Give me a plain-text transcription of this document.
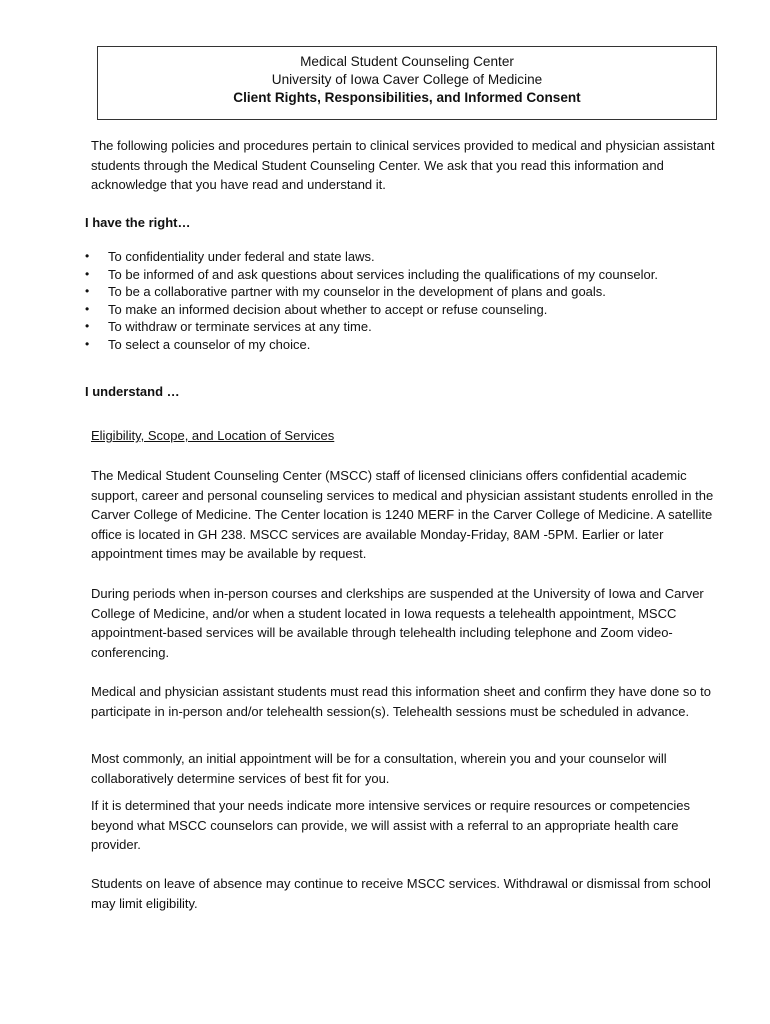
Medical Student Counseling Center
University of Iowa Caver College of Medicine
Client Rights, Responsibilities, and Informed Consent

The following policies and procedures pertain to clinical services provided to medical and physician assistant students through the Medical Student Counseling Center. We ask that you read this information and acknowledge that you have read and understand it.

I have the right…

• To confidentiality under federal and state laws.
• To be informed of and ask questions about services including the qualifications of my counselor.
• To be a collaborative partner with my counselor in the development of plans and goals.
• To make an informed decision about whether to accept or refuse counseling.
• To withdraw or terminate services at any time.
• To select a counselor of my choice.

I understand …

Eligibility, Scope, and Location of Services

The Medical Student Counseling Center (MSCC) staff of licensed clinicians offers confidential academic support, career and personal counseling services to medical and physician assistant students enrolled in the Carver College of Medicine. The Center location is 1240 MERF in the Carver College of Medicine. A satellite office is located in GH 238. MSCC services are available Monday-Friday, 8AM -5PM. Earlier or later appointment times may be available by request.

During periods when in-person courses and clerkships are suspended at the University of Iowa and Carver College of Medicine, and/or when a student located in Iowa requests a telehealth appointment, MSCC appointment-based services will be available through telehealth including telephone and Zoom video-conferencing.

Medical and physician assistant students must read this information sheet and confirm they have done so to participate in in-person and/or telehealth session(s). Telehealth sessions must be scheduled in advance.

Most commonly, an initial appointment will be for a consultation, wherein you and your counselor will collaboratively determine services of best fit for you.

If it is determined that your needs indicate more intensive services or require resources or competencies beyond what MSCC counselors can provide, we will assist with a referral to an appropriate health care provider.

Students on leave of absence may continue to receive MSCC services. Withdrawal or dismissal from school may limit eligibility.
